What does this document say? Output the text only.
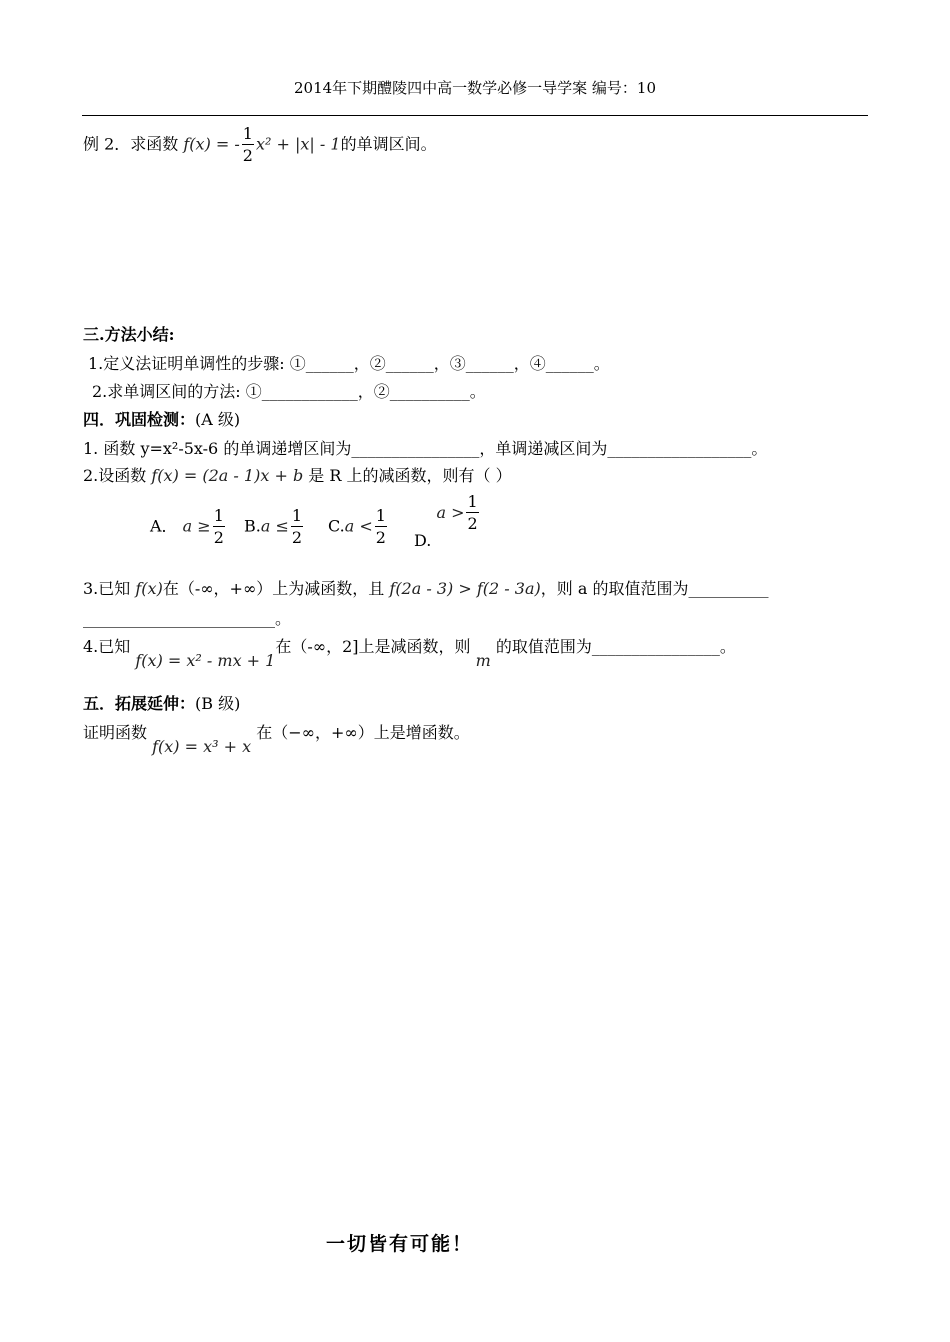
2014年下期醴陵四中高一数学必修一导学案 编号：10
例 2．求函数 f(x) = - $\frac{1}{2} x^2 + |x| - 1$的单调区间。
三.方法小结:
1.定义法证明单调性的步骤: ①______，②______，③______，④______。
2.求单调区间的方法: ①____________，②__________。
四．巩固检测：(A 级)
1. 函数 y=x²-5x-6 的单调递增区间为________________，单调递减区间为__________________。
2.设函数 f(x) = (2a - 1)x + b 是 R 上的减函数，则有（ ）
A． $a \ge \frac{1}{2} B.a \le \frac{1}{2} C.a < \frac{1}{2} D$. $a > \frac{1}{2}$
3.已知 f(x)在（-∞，+∞）上为减函数，且 f(2a - 3) > f(2 - 3a)，则 a 的取值范围为__________
________________________。
4.已知 f(x) = x² - mx + 1在（-∞，2]上是减函数，则 m 的取值范围为________________。
五．拓展延伸：(B 级)
证明函数 f(x) = x³ + x 在（−∞，+∞）上是增函数。
一切皆有可能！
